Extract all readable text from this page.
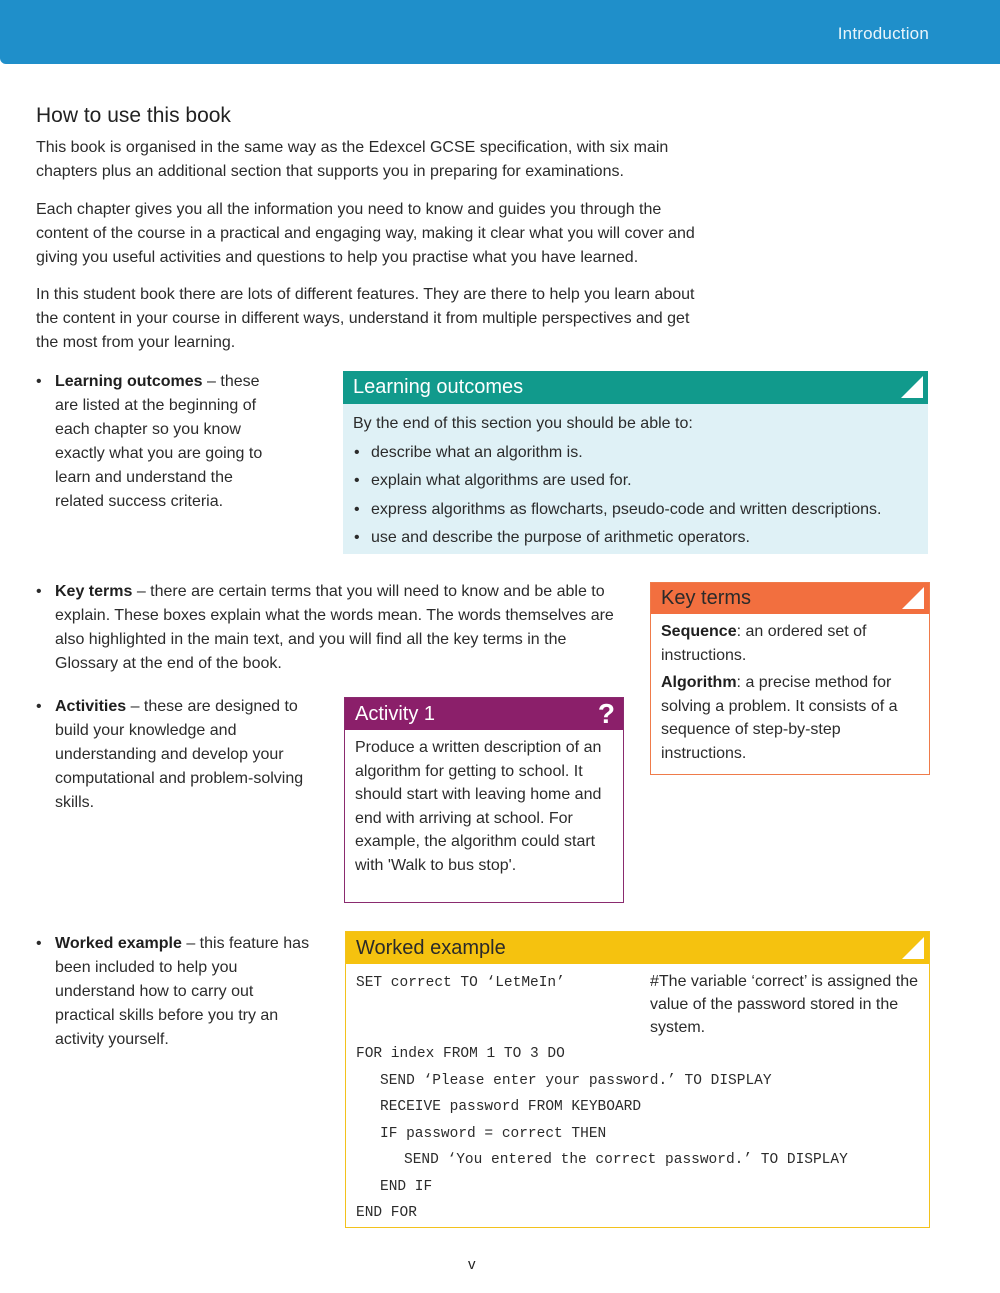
Introduction
How to use this book

This book is organised in the same way as the Edexcel GCSE specification, with six main chapters plus an additional section that supports you in preparing for examinations.

Each chapter gives you all the information you need to know and guides you through the content of the course in a practical and engaging way, making it clear what you will cover and giving you useful activities and questions to help you practise what you have learned.

In this student book there are lots of different features. They are there to help you learn about the content in your course in different ways, understand it from multiple perspectives and get the most from your learning.

• Learning outcomes – these are listed at the beginning of each chapter so you know exactly what you are going to learn and understand the related success criteria.
• Key terms – there are certain terms that you will need to know and be able to explain. These boxes explain what the words mean. The words themselves are also highlighted in the main text, and you will find all the key terms in the Glossary at the end of the book.
• Activities – these are designed to build your knowledge and understanding and develop your computational and problem-solving skills.
• Worked example – this feature has been included to help you understand how to carry out practical skills before you try an activity yourself.
Learning outcomes
By the end of this section you should be able to:
• describe what an algorithm is.
• explain what algorithms are used for.
• express algorithms as flowcharts, pseudo-code and written descriptions.
• use and describe the purpose of arithmetic operators.
Key terms

Sequence: an ordered set of instructions.

Algorithm: a precise method for solving a problem. It consists of a sequence of step-by-step instructions.

Activity 1	?
Produce a written description of an algorithm for getting to school. It should start with leaving home and end with arriving at school. For example, the algorithm could start with 'Walk to bus stop'.
Worked example
SET correct TO ‘LetMeIn’	#The variable ‘correct’ is assigned the value of the password stored in the system.
FOR index FROM 1 TO 3 DO
SEND ‘Please enter your password.’ TO DISPLAY
RECEIVE password FROM KEYBOARD
IF password = correct THEN
SEND ‘You entered the correct password.’ TO DISPLAY
END IF
END FOR
v
